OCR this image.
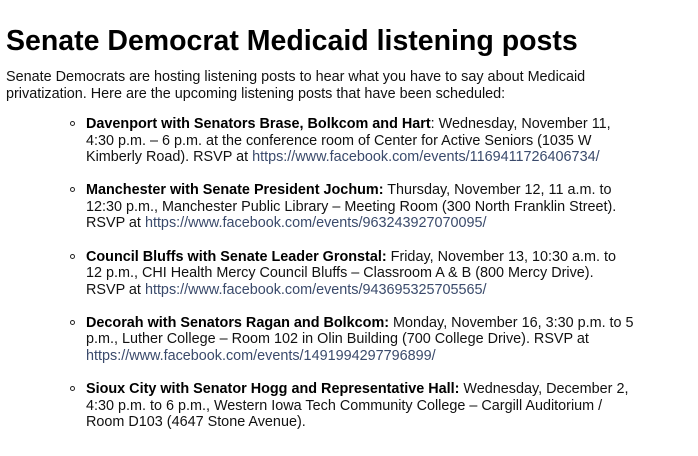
Senate Democrat Medicaid listening posts

Senate Democrats are hosting listening posts to hear what you have to say about Medicaid privatization. Here are the upcoming listening posts that have been scheduled:

Davenport with Senators Brase, Bolkcom and Hart: Wednesday, November 11, 4:30 p.m. – 6 p.m. at the conference room of Center for Active Seniors (1035 W Kimberly Road). RSVP at https://www.facebook.com/events/1169411726406734/
Manchester with Senate President Jochum: Thursday, November 12, 11 a.m. to 12:30 p.m., Manchester Public Library – Meeting Room (300 North Franklin Street). RSVP at https://www.facebook.com/events/963243927070095/
Council Bluffs with Senate Leader Gronstal: Friday, November 13, 10:30 a.m. to 12 p.m., CHI Health Mercy Council Bluffs – Classroom A & B (800 Mercy Drive). RSVP at https://www.facebook.com/events/943695325705565/
Decorah with Senators Ragan and Bolkcom: Monday, November 16, 3:30 p.m. to 5 p.m., Luther College – Room 102 in Olin Building (700 College Drive). RSVP at https://www.facebook.com/events/1491994297796899/
Sioux City with Senator Hogg and Representative Hall: Wednesday, December 2, 4:30 p.m. to 6 p.m., Western Iowa Tech Community College – Cargill Auditorium / Room D103 (4647 Stone Avenue).
